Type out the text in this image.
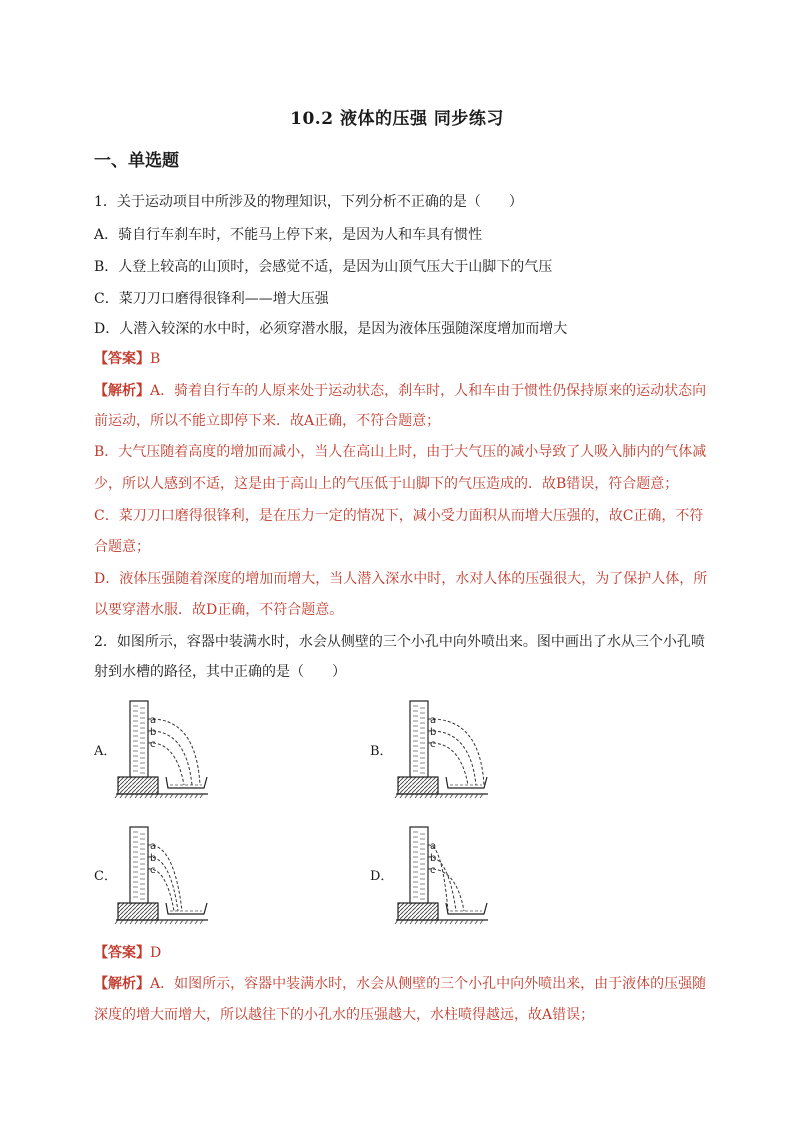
10.2 液体的压强 同步练习
一、单选题
1．关于运动项目中所涉及的物理知识，下列分析不正确的是（　　）
A．骑自行车刹车时，不能马上停下来，是因为人和车具有惯性
B．人登上较高的山顶时，会感觉不适，是因为山顶气压大于山脚下的气压
C．菜刀刀口磨得很锋利——增大压强
D．人潜入较深的水中时，必须穿潜水服，是因为液体压强随深度增加而增大
【答案】B
【解析】A．骑着自行车的人原来处于运动状态，刹车时，人和车由于惯性仍保持原来的运动状态向
前运动，所以不能立即停下来．故A正确，不符合题意；
B．大气压随着高度的增加而减小，当人在高山上时，由于大气压的减小导致了人吸入肺内的气体减
少，所以人感到不适，这是由于高山上的气压低于山脚下的气压造成的．故B错误，符合题意；
C．菜刀刀口磨得很锋利，是在压力一定的情况下，减小受力面积从而增大压强的，故C正确，不符
合题意；
D．液体压强随着深度的增加而增大，当人潜入深水中时，水对人体的压强很大，为了保护人体，所
以要穿潜水服．故D正确，不符合题意。
2．如图所示，容器中装满水时，水会从侧壁的三个小孔中向外喷出来。图中画出了水从三个小孔喷
射到水槽的路径，其中正确的是（　　）
A．	B．
C．	D．
a
b
c
a
b
c
a
b
c
a
b
c
【答案】D
【解析】A．如图所示，容器中装满水时，水会从侧壁的三个小孔中向外喷出来，由于液体的压强随
深度的增大而增大，所以越往下的小孔水的压强越大，水柱喷得越远，故A错误；
